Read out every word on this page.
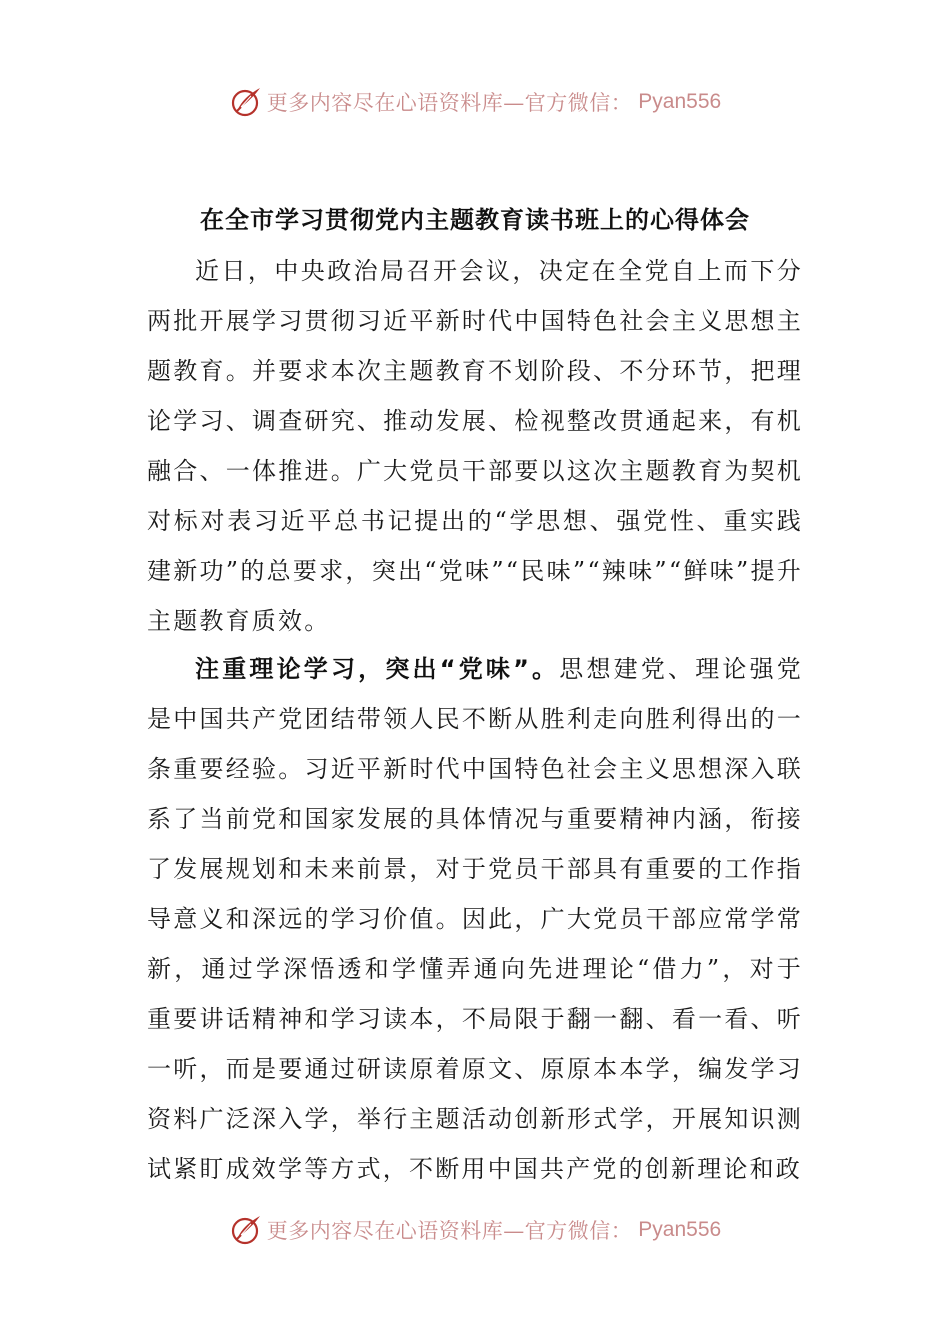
更多内容尽在心语资料库—官方微信： Pyan556
在全市学习贯彻党内主题教育读书班上的心得体会

近日，中央政治局召开会议，决定在全党自上而下分两批开展学习贯彻习近平新时代中国特色社会主义思想主题教育。并要求本次主题教育不划阶段、不分环节，把理论学习、调查研究、推动发展、检视整改贯通起来，有机融合、一体推进。广大党员干部要以这次主题教育为契机对标对表习近平总书记提出的“学思想、强党性、重实践建新功”的总要求，突出“党味”“民味”“辣味”“鲜味”提升主题教育质效。

注重理论学习，突出“党味”。思想建党、理论强党是中国共产党团结带领人民不断从胜利走向胜利得出的一条重要经验。习近平新时代中国特色社会主义思想深入联系了当前党和国家发展的具体情况与重要精神内涵，衔接了发展规划和未来前景，对于党员干部具有重要的工作指导意义和深远的学习价值。因此，广大党员干部应常学常新，通过学深悟透和学懂弄通向先进理论“借力”，对于重要讲话精神和学习读本，不局限于翻一翻、看一看、听一听，而是要通过研读原着原文、原原本本学，编发学习资料广泛深入学，举行主题活动创新形式学，开展知识测试紧盯成效学等方式，不断用中国共产党的创新理论和政

更多内容尽在心语资料库—官方微信： Pyan556
